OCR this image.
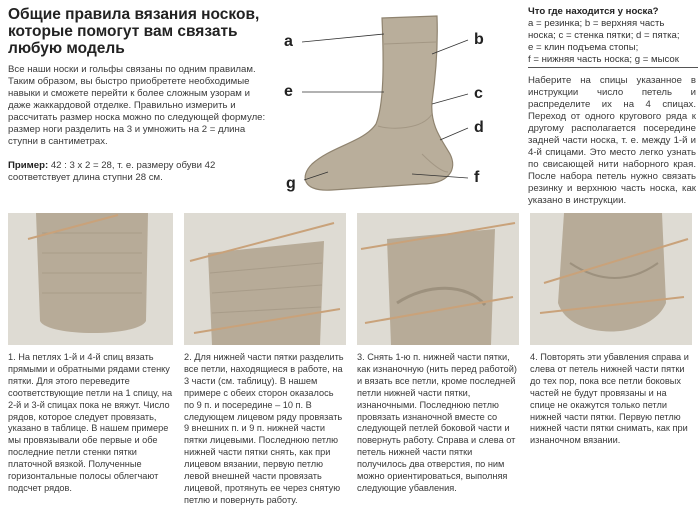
Общие правила вязания носков, которые помогут вам связать любую модель
Все наши носки и гольфы связаны по одним правилам. Таким образом, вы быстро приобретете необходимые навыки и сможете перейти к более сложным узорам и даже жаккардовой отделке. Правильно измерить и рассчитать размер носка можно по следующей формуле: размер ноги разделить на 3 и умножить на 2 = длина ступни в сантиметрах.
Пример: 42 : 3 х 2 = 28, т. е. размеру обуви 42 соответствует длина ступни 28 см.
a	b
c
d
e
f
g
Что где находится у носка?
a = резинка; b = верхняя часть
носка; c = стенка пятки; d = пятка;
e = клин подъема стопы;
f = нижняя часть носка; g = мысок
Наберите на спицы указанное в инструкции число петель и распределите их на 4 спицах. Переход от одного кругового ряда к другому располагается посередине задней части носка, т. е. между 1-й и 4-й спицами. Это место легко узнать по свисающей нити наборного края. После набора петель нужно связать резинку и верхнюю часть носка, как указано в инструкции.
1. На петлях 1-й и 4-й спиц вязать прямыми и обратными рядами стенку пятки. Для этого переведите соответствующие петли на 1 спицу, на 2-й и 3-й спицах пока не вяжут. Число рядов, которое следует провязать, указано в таблице. В нашем примере мы провязывали обе первые и обе последние петли стенки пятки платочной вязкой. Полученные горизонтальные полосы облегчают подсчет рядов.
2. Для нижней части пятки разделить все петли, находящиеся в работе, на 3 части (см. таблицу). В нашем примере с обеих сторон оказалось по 9 п. и посередине – 10 п. В следующем лицевом ряду провязать 9 внешних п. и 9 п. нижней части пятки лицевыми. Последнюю петлю нижней части пятки снять, как при лицевом вязании, первую петлю левой внешней части провязать лицевой, протянуть ее через снятую петлю и повернуть работу.
3. Снять 1-ю п. нижней части пятки, как изнаночную (нить перед работой) и вязать все петли, кроме последней петли нижней части пятки, изнаночными. Последнюю петлю провязать изнаночной вместе со следующей петлей боковой части и повернуть работу. Справа и слева от петель нижней части пятки получилось два отверстия, по ним можно ориентироваться, выполняя следующие убавления.
4. Повторять эти убавления справа и слева от петель нижней части пятки до тех пор, пока все петли боковых частей не будут провязаны и на спице не окажутся только петли нижней части пятки. Первую петлю нижней части пятки снимать, как при изнаночном вязании.
